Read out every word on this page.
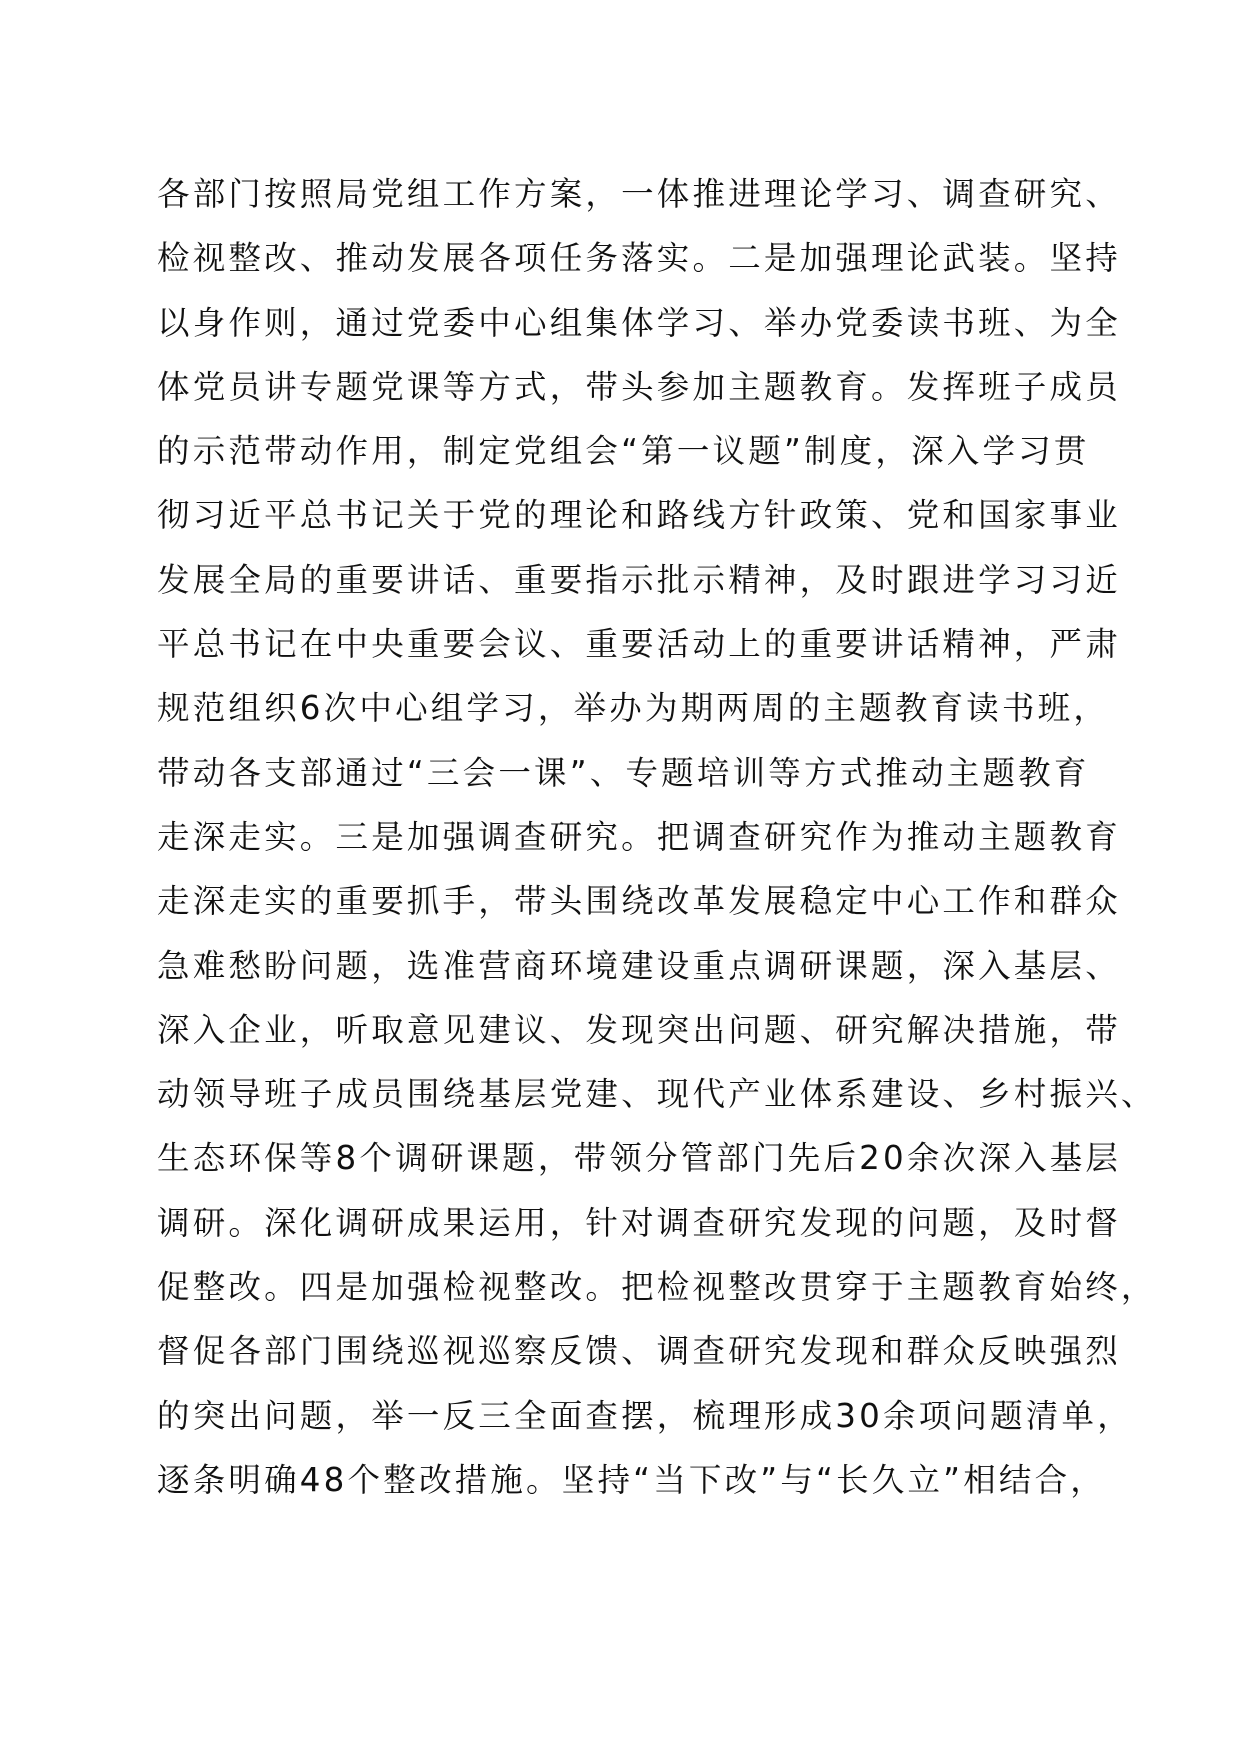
各部门按照局党组工作方案，一体推进理论学习、调查研究、
检视整改、推动发展各项任务落实。二是加强理论武装。坚持
以身作则，通过党委中心组集体学习、举办党委读书班、为全
体党员讲专题党课等方式，带头参加主题教育。发挥班子成员
的示范带动作用，制定党组会“第一议题”制度，深入学习贯
彻习近平总书记关于党的理论和路线方针政策、党和国家事业
发展全局的重要讲话、重要指示批示精神，及时跟进学习习近
平总书记在中央重要会议、重要活动上的重要讲话精神，严肃
规范组织6次中心组学习，举办为期两周的主题教育读书班，
带动各支部通过“三会一课”、专题培训等方式推动主题教育
走深走实。三是加强调查研究。把调查研究作为推动主题教育
走深走实的重要抓手，带头围绕改革发展稳定中心工作和群众
急难愁盼问题，选准营商环境建设重点调研课题，深入基层、
深入企业，听取意见建议、发现突出问题、研究解决措施，带
动领导班子成员围绕基层党建、现代产业体系建设、乡村振兴、
生态环保等8个调研课题，带领分管部门先后20余次深入基层
调研。深化调研成果运用，针对调查研究发现的问题，及时督
促整改。四是加强检视整改。把检视整改贯穿于主题教育始终，
督促各部门围绕巡视巡察反馈、调查研究发现和群众反映强烈
的突出问题，举一反三全面查摆，梳理形成30余项问题清单，
逐条明确48个整改措施。坚持“当下改”与“长久立”相结合，
